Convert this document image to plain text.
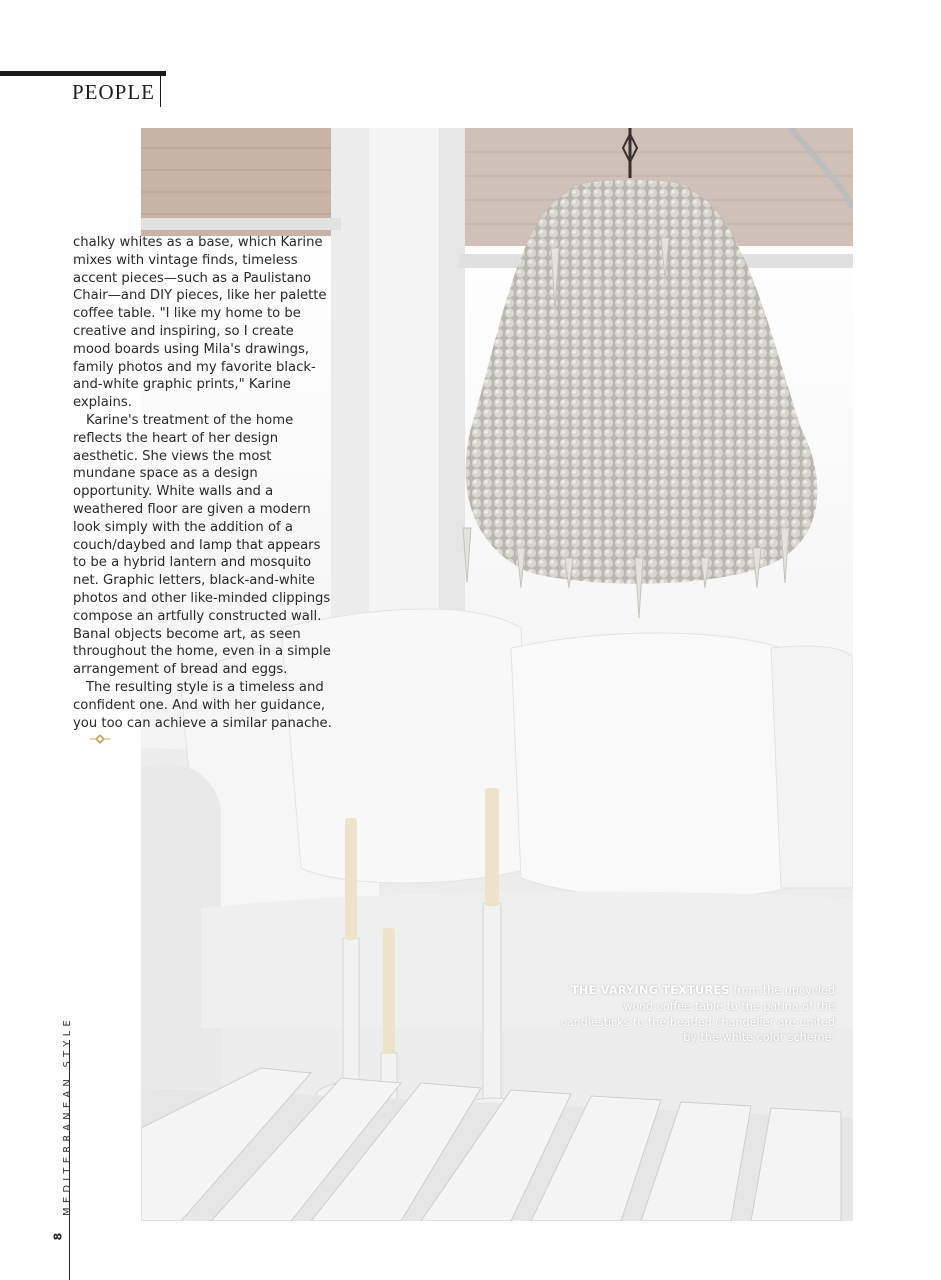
PEOPLE

chalky whites as a base, which Karine mixes with vintage finds, timeless accent pieces—such as a Paulistano Chair—and DIY pieces, like her palette coffee table. "I like my home to be creative and inspiring, so I create mood boards using Mila's drawings, family photos and my favorite black-and-white graphic prints," Karine explains.

Karine's treatment of the home reflects the heart of her design aesthetic. She views the most mundane space as a design opportunity. White walls and a weathered floor are given a modern look simply with the addition of a couch/daybed and lamp that appears to be a hybrid lantern and mosquito net. Graphic letters, black-and-white photos and other like-minded clippings compose an artfully constructed wall. Banal objects become art, as seen throughout the home, even in a simple arrangement of bread and eggs.

The resulting style is a timeless and confident one. And with her guidance, you too can achieve a similar panache.

THE VARYING TEXTURES from the upcycled wood coffee table to the patina of the candlesticks to the beaded chandelier are united by the white color scheme.
MEDITERRANEAN STYLE
8
